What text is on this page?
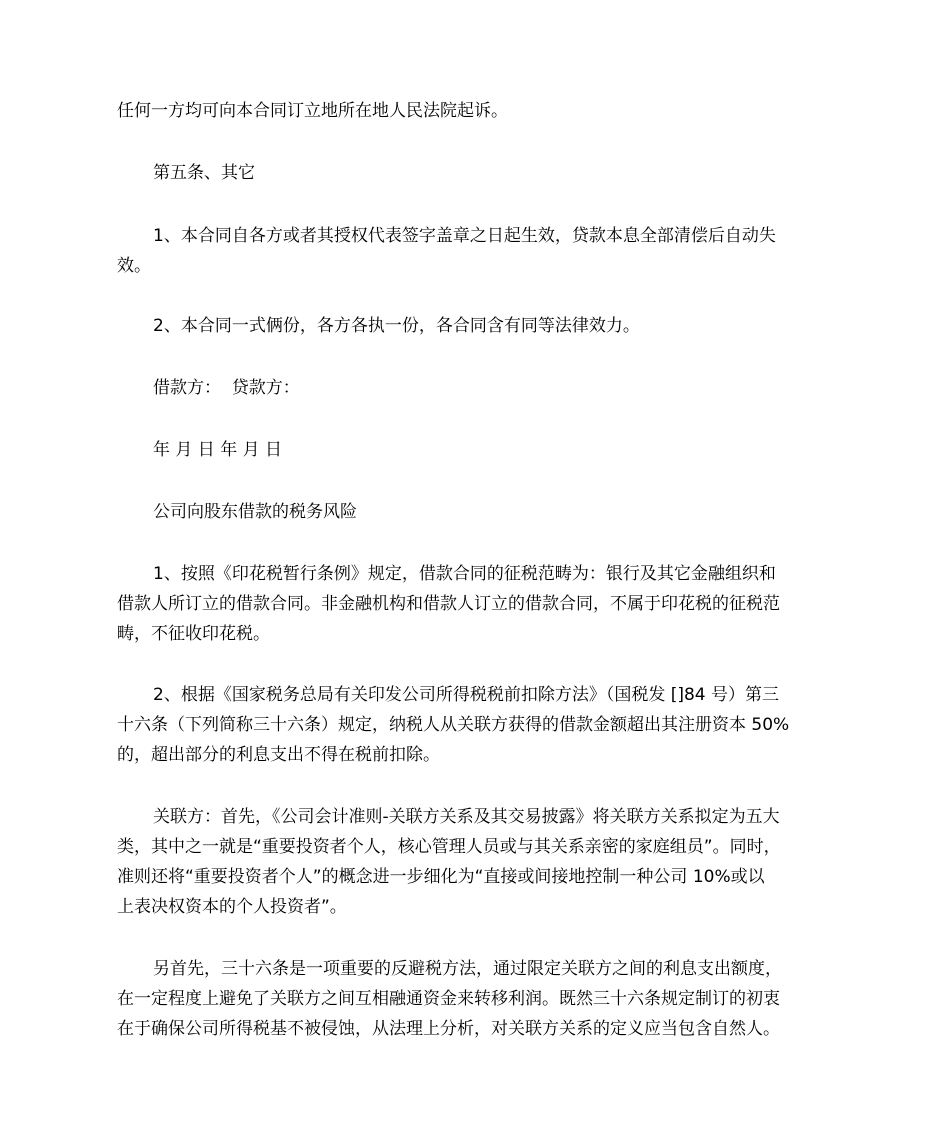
任何一方均可向本合同订立地所在地人民法院起诉。

第五条、其它

1、本合同自各方或者其授权代表签字盖章之日起生效，贷款本息全部清偿后自动失
效。

2、本合同一式俩份，各方各执一份，各合同含有同等法律效力。

借款方：  贷款方：

年 月 日 年 月 日

公司向股东借款的税务风险

1、按照《印花税暂行条例》规定，借款合同的征税范畴为：银行及其它金融组织和
借款人所订立的借款合同。非金融机构和借款人订立的借款合同，不属于印花税的征税范
畴，不征收印花税。

2、根据《国家税务总局有关印发公司所得税税前扣除方法》（国税发 []84 号）第三
十六条（下列简称三十六条）规定，纳税人从关联方获得的借款金额超出其注册资本 50%
的，超出部分的利息支出不得在税前扣除。

关联方：首先，《公司会计准则-关联方关系及其交易披露》将关联方关系拟定为五大
类，其中之一就是“重要投资者个人，核心管理人员或与其关系亲密的家庭组员”。同时，
准则还将“重要投资者个人”的概念进一步细化为“直接或间接地控制一种公司 10%或以
上表决权资本的个人投资者”。

另首先，三十六条是一项重要的反避税方法，通过限定关联方之间的利息支出额度，
在一定程度上避免了关联方之间互相融通资金来转移利润。既然三十六条规定制订的初衷
在于确保公司所得税基不被侵蚀，从法理上分析，对关联方关系的定义应当包含自然人。
